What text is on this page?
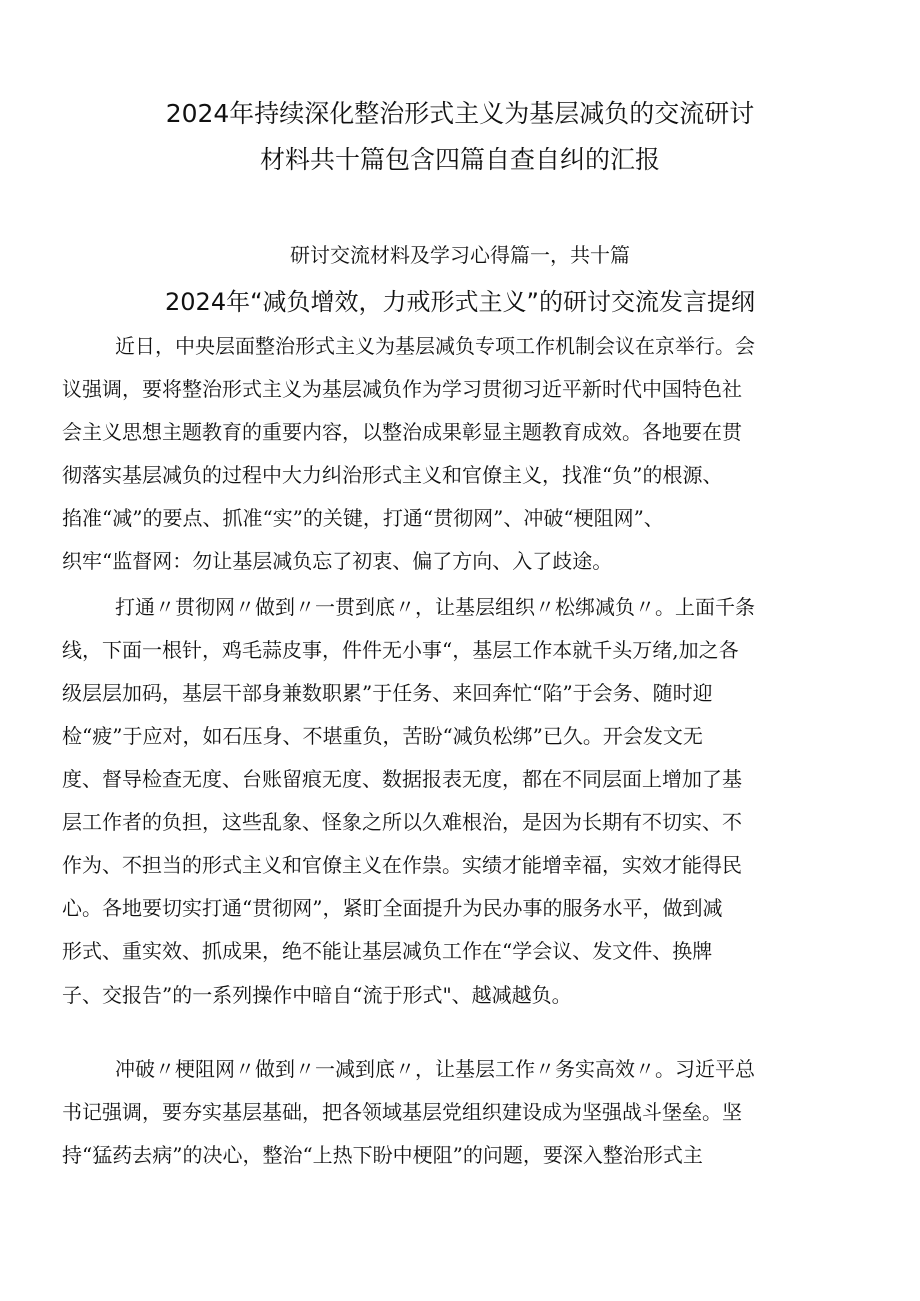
2024年持续深化整治形式主义为基层减负的交流研讨
材料共十篇包含四篇自查自纠的汇报
研讨交流材料及学习心得篇一，共十篇
2024年“减负增效，力戒形式主义”的研讨交流发言提纲
近日，中央层面整治形式主义为基层减负专项工作机制会议在京举行。会
议强调，要将整治形式主义为基层减负作为学习贯彻习近平新时代中国特色社
会主义思想主题教育的重要内容，以整治成果彰显主题教育成效。各地要在贯
彻落实基层减负的过程中大力纠治形式主义和官僚主义，找准“负”的根源、
掐准“减”的要点、抓准“实”的关键，打通“贯彻网”、冲破“梗阻网”、
织牢“监督网：勿让基层减负忘了初衷、偏了方向、入了歧途。
打通〃贯彻网〃做到〃一贯到底〃，让基层组织〃松绑减负〃。上面千条
线，下面一根针，鸡毛蒜皮事，件件无小事“，基层工作本就千头万绪,加之各
级层层加码，基层干部身兼数职累”于任务、来回奔忙“陷”于会务、随时迎
检“疲”于应对，如石压身、不堪重负，苦盼“减负松绑”已久。开会发文无
度、督导检查无度、台账留痕无度、数据报表无度，都在不同层面上增加了基
层工作者的负担，这些乱象、怪象之所以久难根治，是因为长期有不切实、不
作为、不担当的形式主义和官僚主义在作祟。实绩才能增幸福，实效才能得民
心。各地要切实打通“贯彻网”，紧盯全面提升为民办事的服务水平，做到减
形式、重实效、抓成果，绝不能让基层减负工作在“学会议、发文件、换牌
子、交报告”的一系列操作中暗自“流于形式"、越减越负。
冲破〃梗阻网〃做到〃一减到底〃，让基层工作〃务实高效〃。习近平总
书记强调，要夯实基层基础，把各领域基层党组织建设成为坚强战斗堡垒。坚
持“猛药去病”的决心，整治“上热下盼中梗阻”的问题，要深入整治形式主
